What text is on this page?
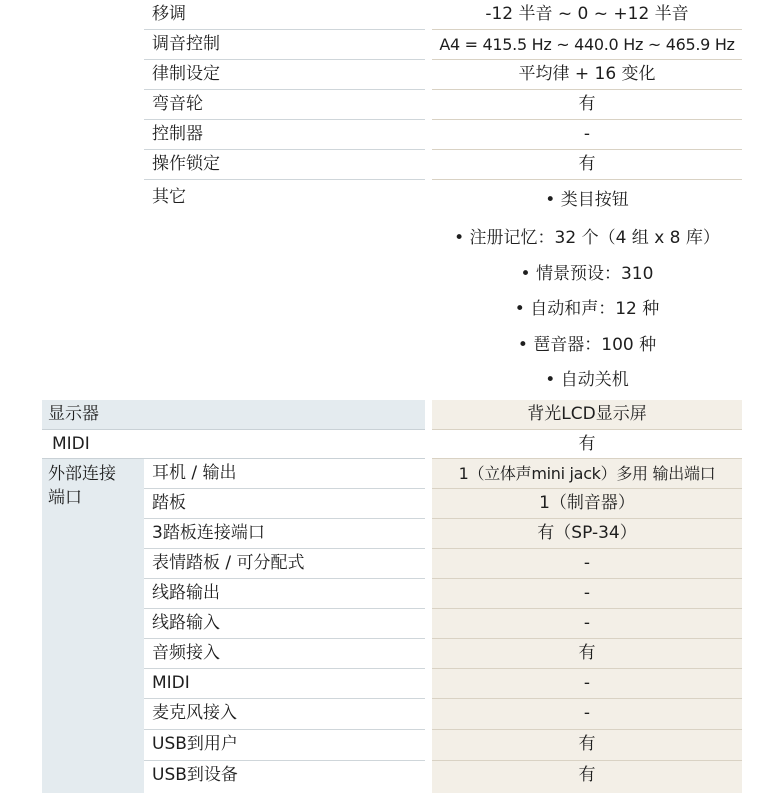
移调	-12 半音 ~ 0 ~ +12 半音
调音控制	A4 = 415.5 Hz ~ 440.0 Hz ~ 465.9 Hz
律制设定	平均律 + 16 变化
弯音轮	有
控制器	-
操作锁定	有
其它	• 类目按钮
• 注册记忆：32 个（4 组 x 8 库）
• 情景预设：310
• 自动和声：12 种
• 琶音器：100 种
• 自动关机
显示器	背光LCD显示屏
MIDI	有
外部连接
端口
耳机 / 输出	1（立体声mini jack）多用 输出端口
踏板	1（制音器）
3踏板连接端口	有（SP-34）
表情踏板 / 可分配式	-
线路输出	-
线路输入	-
音频接入	有
MIDI	-
麦克风接入	-
USB到用户	有
USB到设备	有
